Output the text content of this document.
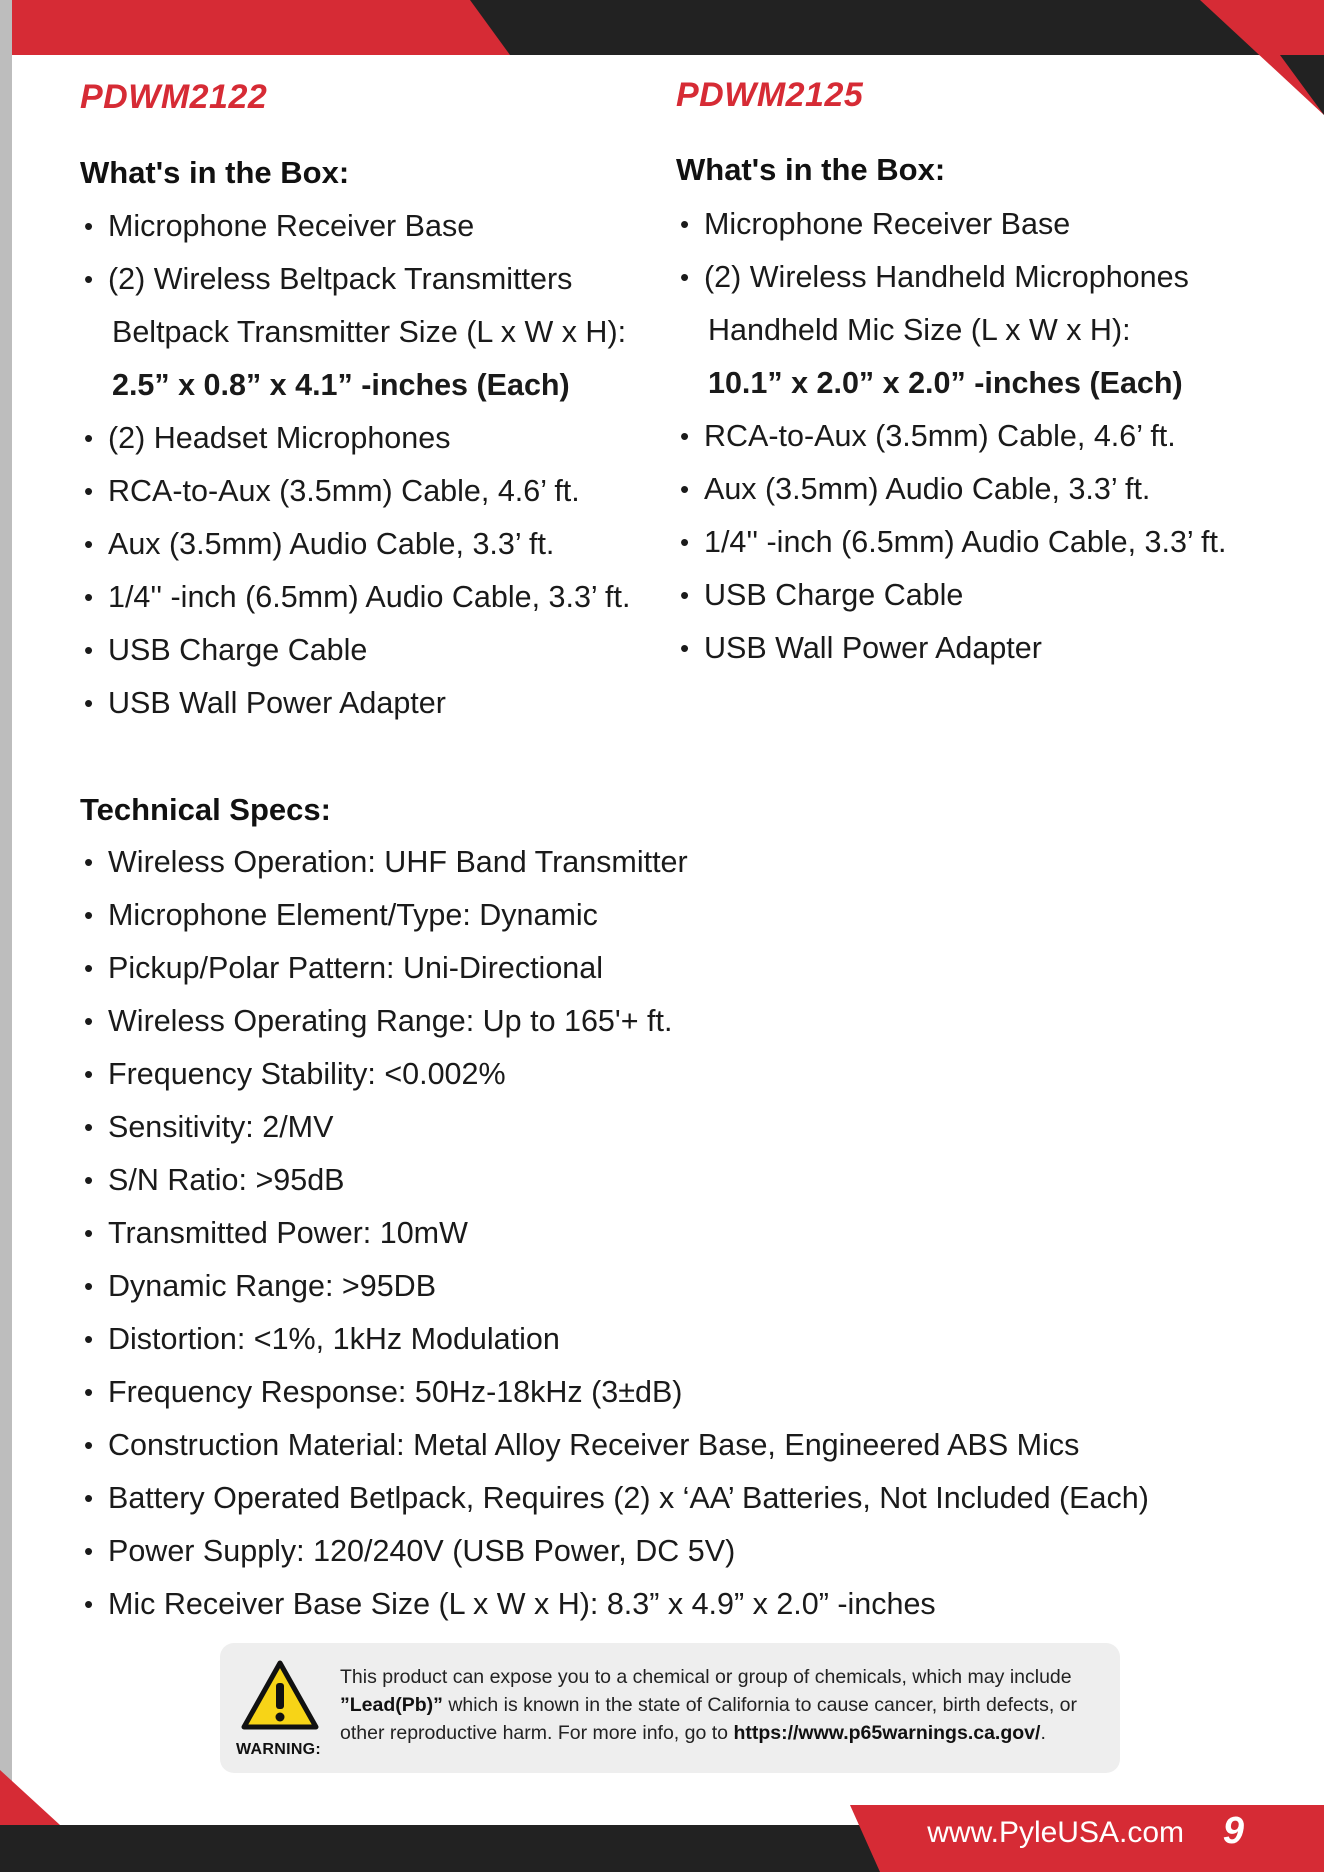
PDWM2122
What's in the Box:
• Microphone Receiver Base
• (2) Wireless Beltpack Transmitters
Beltpack Transmitter Size (L x W x H):
2.5” x 0.8” x 4.1” -inches (Each)
• (2) Headset Microphones
• RCA-to-Aux (3.5mm) Cable, 4.6’ ft.
• Aux (3.5mm) Audio Cable, 3.3’ ft.
• 1/4'' -inch (6.5mm) Audio Cable, 3.3’ ft.
• USB Charge Cable
• USB Wall Power Adapter
PDWM2125
What's in the Box:
• Microphone Receiver Base
• (2) Wireless Handheld Microphones
Handheld Mic Size (L x W x H):
10.1” x 2.0” x 2.0” -inches (Each)
• RCA-to-Aux (3.5mm) Cable, 4.6’ ft.
• Aux (3.5mm) Audio Cable, 3.3’ ft.
• 1/4'' -inch (6.5mm) Audio Cable, 3.3’ ft.
• USB Charge Cable
• USB Wall Power Adapter
Technical Specs:
• Wireless Operation: UHF Band Transmitter
• Microphone Element/Type: Dynamic
• Pickup/Polar Pattern: Uni-Directional
• Wireless Operating Range: Up to 165'+ ft.
• Frequency Stability: <0.002%
• Sensitivity: 2/MV
• S/N Ratio: >95dB
• Transmitted Power: 10mW
• Dynamic Range: >95DB
• Distortion: <1%, 1kHz Modulation
• Frequency Response: 50Hz-18kHz (3±dB)
• Construction Material: Metal Alloy Receiver Base, Engineered ABS Mics
• Battery Operated Betlpack, Requires (2) x ‘AA’ Batteries, Not Included (Each)
• Power Supply: 120/240V (USB Power, DC 5V)
• Mic Receiver Base Size (L x W x H): 8.3” x 4.9” x 2.0” -inches
WARNING:

This product can expose you to a chemical or group of chemicals, which may include ”Lead(Pb)” which is known in the state of California to cause cancer, birth defects, or other reproductive harm. For more info, go to https://www.p65warnings.ca.gov/.

www.PyleUSA.com 9
